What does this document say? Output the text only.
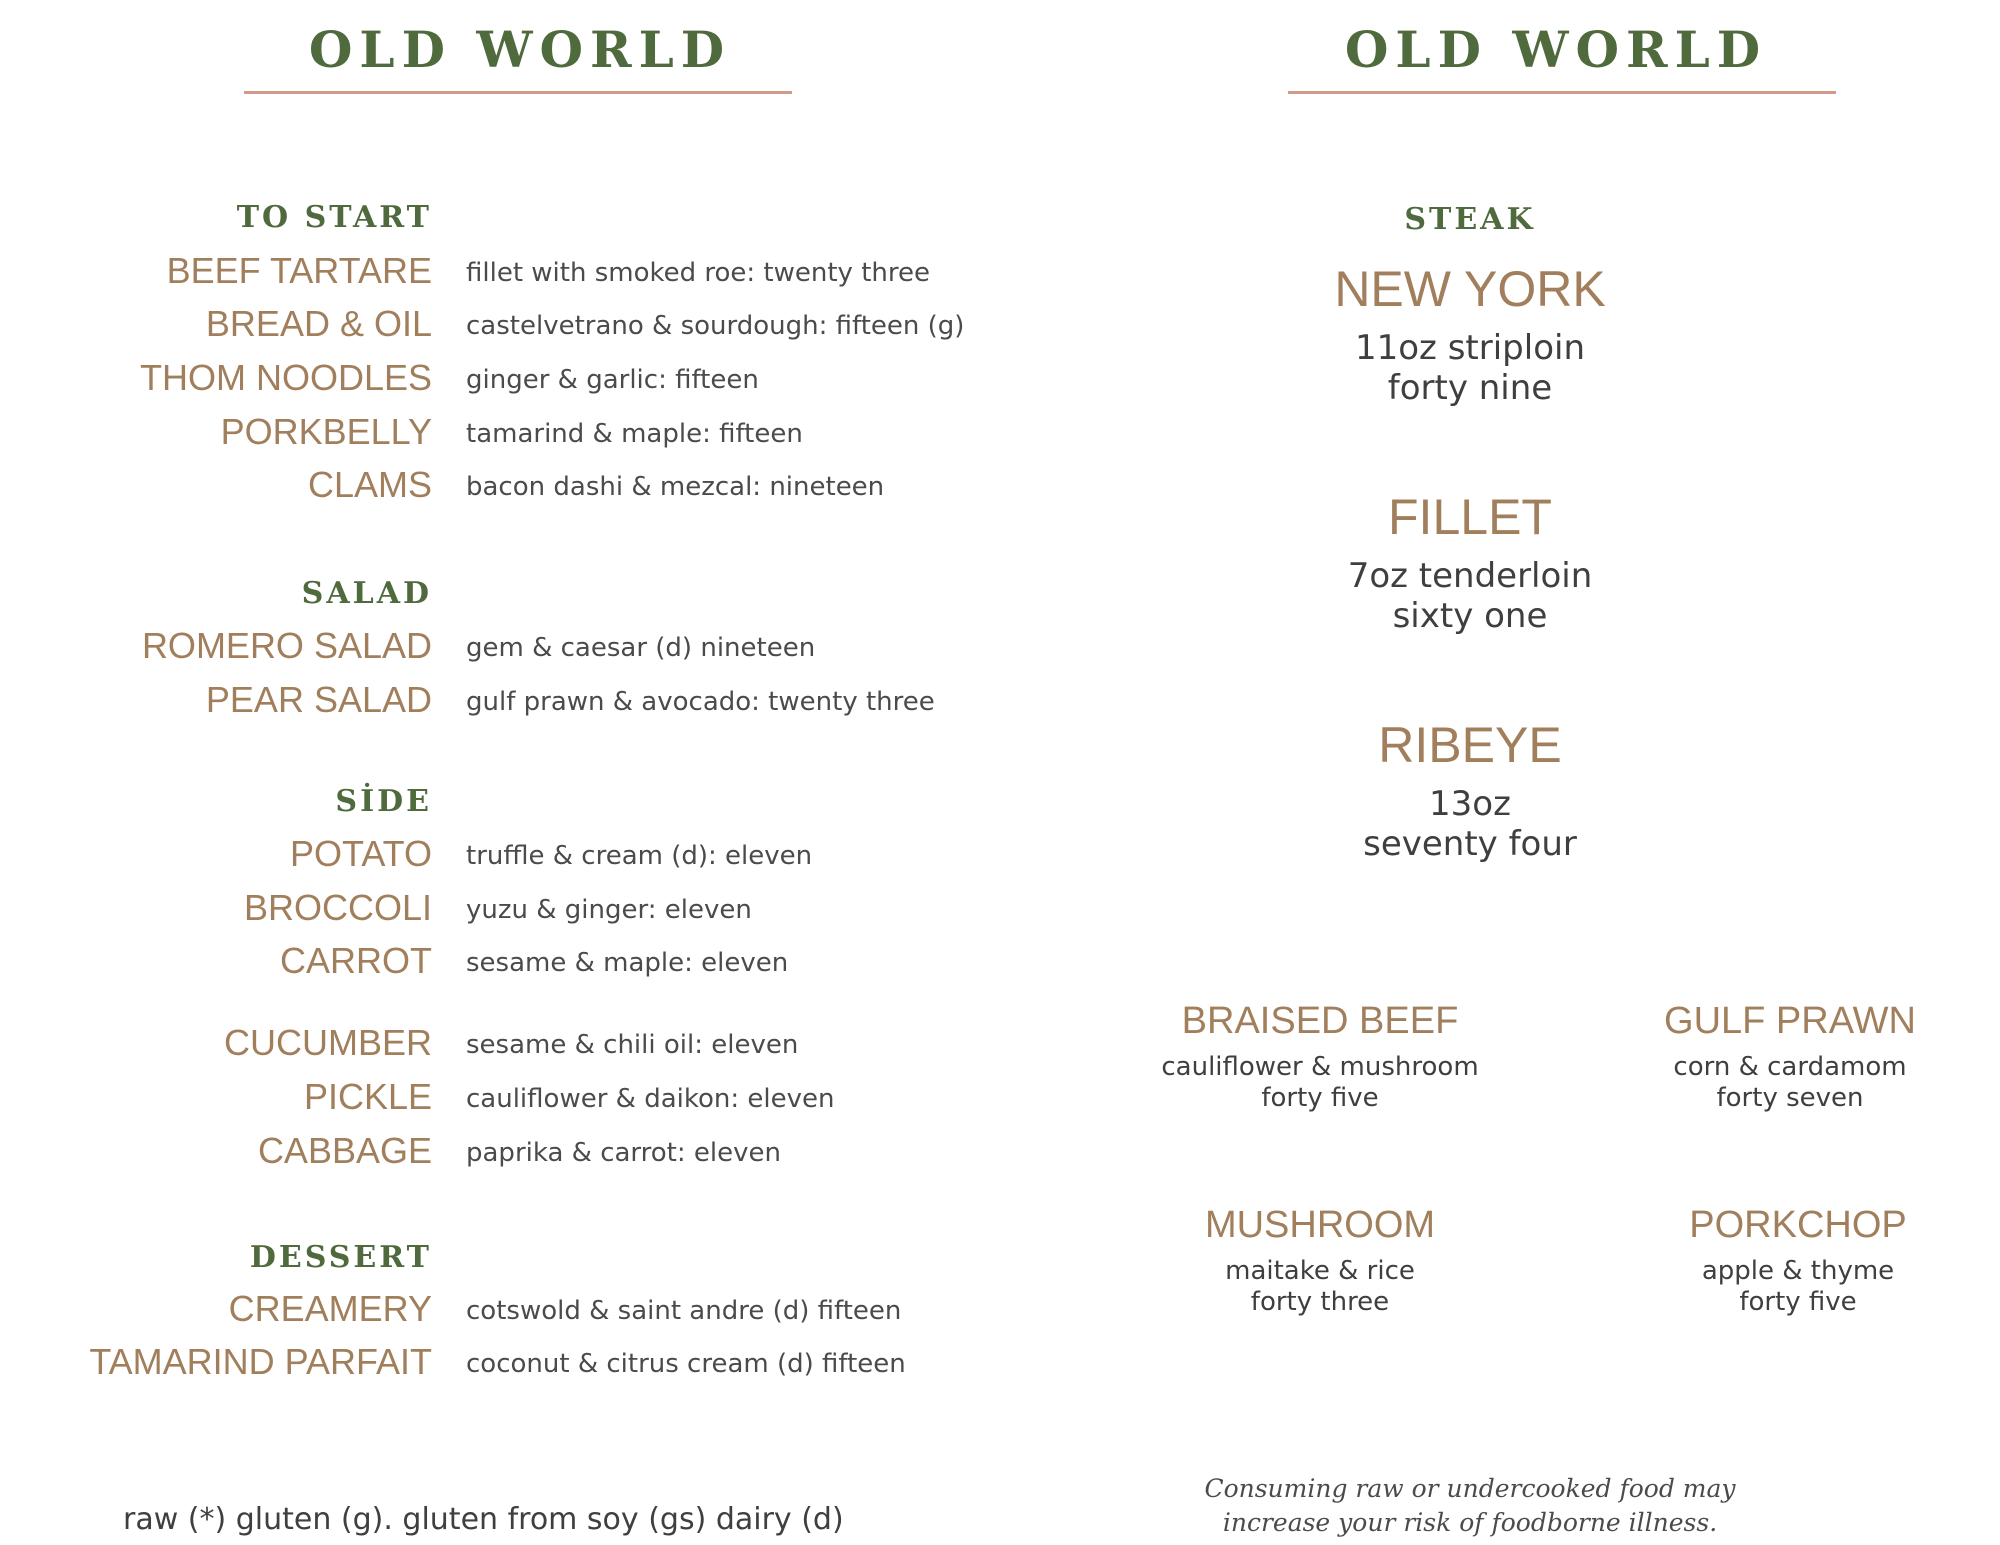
OLD WORLD
TO START
BEEF TARTARE fillet with smoked roe: twenty three
BREAD & OIL castelvetrano & sourdough: fifteen (g)
THOM NOODLES ginger & garlic: fifteen
PORKBELLY tamarind & maple: fifteen
CLAMS bacon dashi & mezcal: nineteen
SALAD
ROMERO SALAD gem & caesar (d) nineteen
PEAR SALAD gulf prawn & avocado: twenty three
SİDE
POTATO truffle & cream (d): eleven
BROCCOLI yuzu & ginger: eleven
CARROT sesame & maple: eleven
CUCUMBER sesame & chili oil: eleven
PICKLE cauliflower & daikon: eleven
CABBAGE paprika & carrot: eleven
DESSERT
CREAMERY cotswold & saint andre (d) fifteen
TAMARIND PARFAIT coconut & citrus cream (d) fifteen
raw (*) gluten (g). gluten from soy (gs) dairy (d)
OLD WORLD
STEAK
NEW YORK
11oz striploin
forty nine
FILLET
7oz tenderloin
sixty one
RIBEYE
13oz
seventy four
BRAISED BEEF
cauliflower & mushroom
forty five
GULF PRAWN
corn & cardamom
forty seven
MUSHROOM
maitake & rice
forty three
PORKCHOP
apple & thyme
forty five
Consuming raw or undercooked food may
increase your risk of foodborne illness.
